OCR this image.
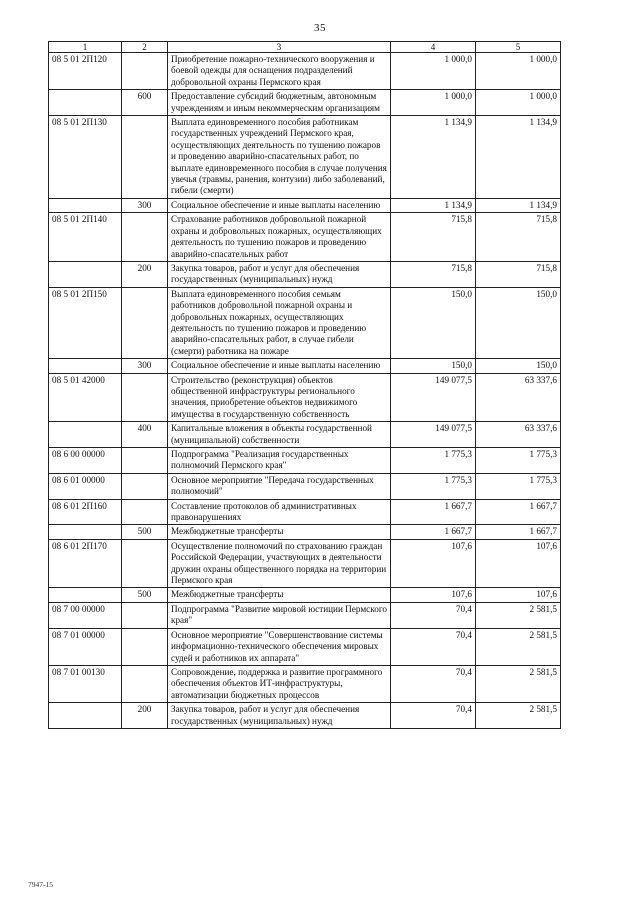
35
1	2	3	4	5
08 5 01 2П120		Приобретение пожарно-технического вооружения и боевой одежды для оснащения подразделений добровольной охраны Пермского края	1 000,0	1 000,0
	600	Предоставление субсидий бюджетным, автономным учреждениям и иным некоммерческим организациям	1 000,0	1 000,0
08 5 01 2П130		Выплата единовременного пособия работникам государственных учреждений Пермского края, осуществляющих деятельность по тушению пожаров и проведению аварийно-спасательных работ, по выплате единовременного пособия в случае получения увечья (травмы, ранения, контузии) либо заболеваний, гибели (смерти)	1 134,9	1 134,9
	300	Социальное обеспечение и иные выплаты населению	1 134,9	1 134,9
08 5 01 2П140		Страхование работников добровольной пожарной охраны и добровольных пожарных, осуществляющих деятельность по тушению пожаров и проведению аварийно-спасательных работ	715,8	715,8
	200	Закупка товаров, работ и услуг для обеспечения государственных (муниципальных) нужд	715,8	715,8
08 5 01 2П150		Выплата единовременного пособия семьям работников добровольной пожарной охраны и добровольных пожарных, осуществляющих деятельность по тушению пожаров и проведению аварийно-спасательных работ, в случае гибели (смерти) работника на пожаре	150,0	150,0
	300	Социальное обеспечение и иные выплаты населению	150,0	150,0
08 5 01 42000		Строительство (реконструкция) объектов общественной инфраструктуры регионального значения, приобретение объектов недвижимого имущества в государственную собственность	149 077,5	63 337,6
	400	Капитальные вложения в объекты государственной (муниципальной) собственности	149 077,5	63 337,6
08 6 00 00000		Подпрограмма "Реализация государственных полномочий Пермского края"	1 775,3	1 775,3
08 6 01 00000		Основное мероприятие "Передача государственных полномочий"	1 775,3	1 775,3
08 6 01 2П160		Составление протоколов об административных правонарушениях	1 667,7	1 667,7
	500	Межбюджетные трансферты	1 667,7	1 667,7
08 6 01 2П170		Осуществление полномочий по страхованию граждан Российской Федерации, участвующих в деятельности дружин охраны общественного порядка на территории Пермского края	107,6	107,6
	500	Межбюджетные трансферты	107,6	107,6
08 7 00 00000		Подпрограмма "Развитие мировой юстиции Пермского края"	70,4	2 581,5
08 7 01 00000		Основное мероприятие "Совершенствование системы информационно-технического обеспечения мировых судей и работников их аппарата"	70,4	2 581,5
08 7 01 00130		Сопровождение, поддержка и развитие программного обеспечения объектов ИТ-инфраструктуры, автоматизации бюджетных процессов	70,4	2 581,5
	200	Закупка товаров, работ и услуг для обеспечения государственных (муниципальных) нужд	70,4	2 581,5
7947-15
